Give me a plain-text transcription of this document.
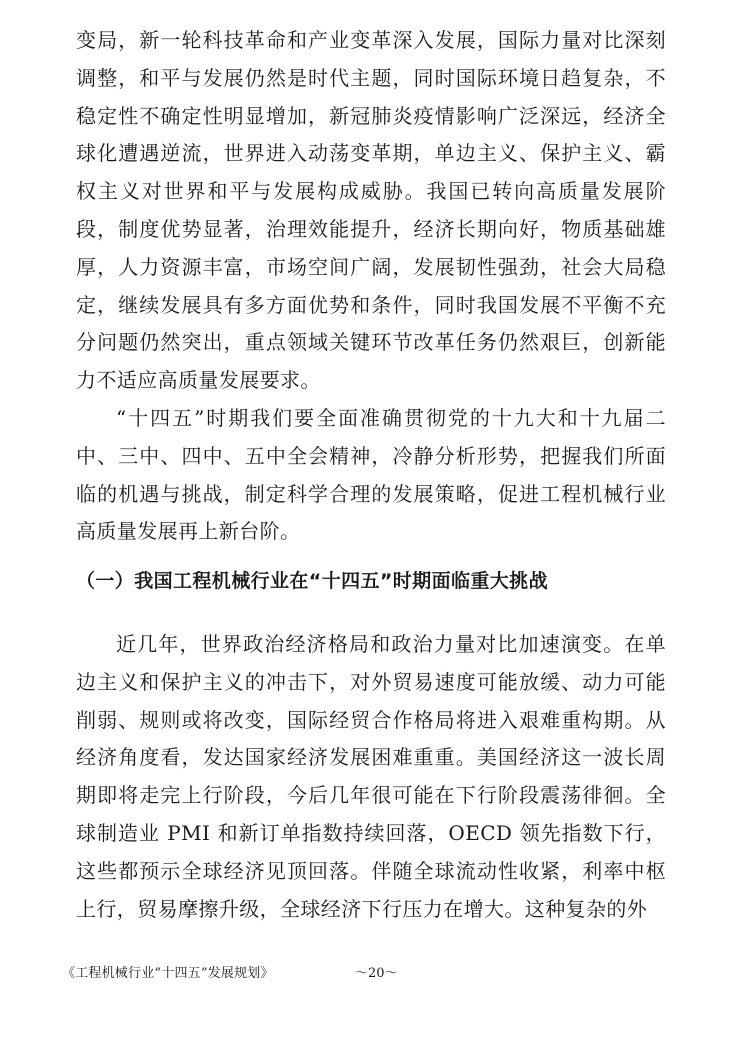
变局，新一轮科技革命和产业变革深入发展，国际力量对比深刻调整，和平与发展仍然是时代主题，同时国际环境日趋复杂，不稳定性不确定性明显增加，新冠肺炎疫情影响广泛深远，经济全球化遭遇逆流，世界进入动荡变革期，单边主义、保护主义、霸权主义对世界和平与发展构成威胁。我国已转向高质量发展阶段，制度优势显著，治理效能提升，经济长期向好，物质基础雄厚，人力资源丰富，市场空间广阔，发展韧性强劲，社会大局稳定，继续发展具有多方面优势和条件，同时我国发展不平衡不充分问题仍然突出，重点领域关键环节改革任务仍然艰巨，创新能力不适应高质量发展要求。
“十四五”时期我们要全面准确贯彻党的十九大和十九届二中、三中、四中、五中全会精神，冷静分析形势，把握我们所面临的机遇与挑战，制定科学合理的发展策略，促进工程机械行业高质量发展再上新台阶。
（一）我国工程机械行业在“十四五”时期面临重大挑战
近几年，世界政治经济格局和政治力量对比加速演变。在单边主义和保护主义的冲击下，对外贸易速度可能放缓、动力可能削弱、规则或将改变，国际经贸合作格局将进入艰难重构期。从经济角度看，发达国家经济发展困难重重。美国经济这一波长周期即将走完上行阶段，今后几年很可能在下行阶段震荡徘徊。全球制造业 PMI 和新订单指数持续回落，OECD 领先指数下行，这些都预示全球经济见顶回落。伴随全球流动性收紧，利率中枢上行，贸易摩擦升级，全球经济下行压力在增大。这种复杂的外
《工程机械行业“十四五”发展规划》	～20～
